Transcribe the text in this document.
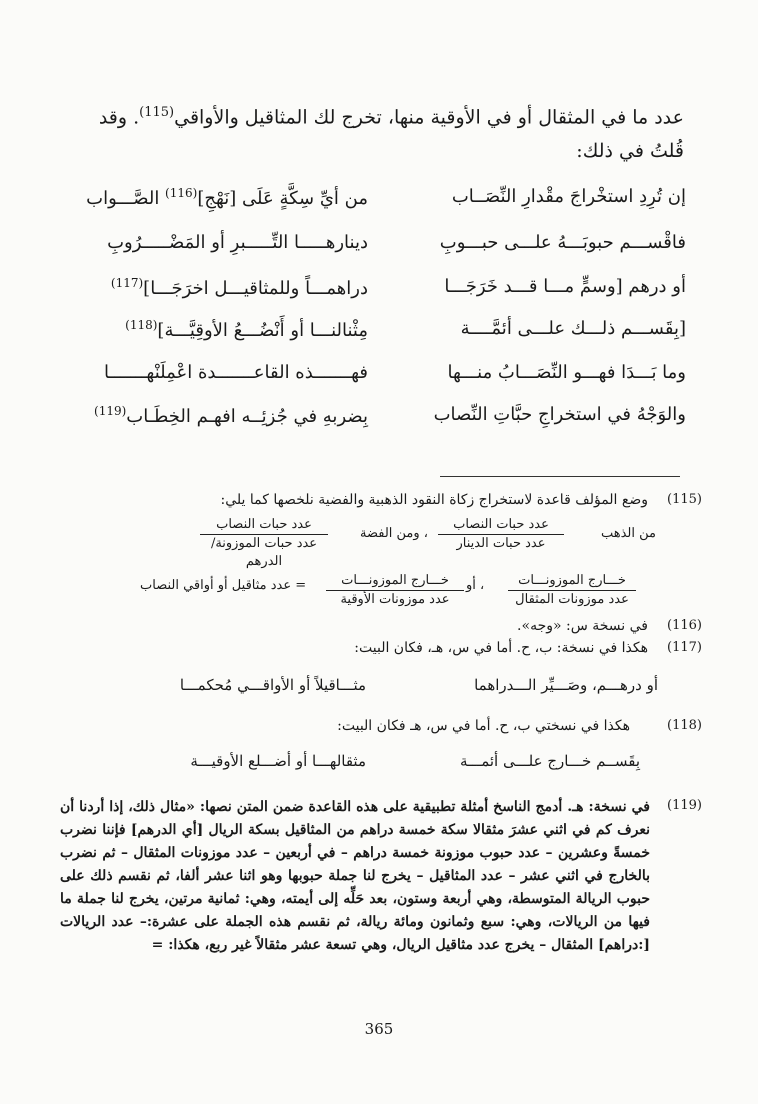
عدد ما في المثقال أو في الأوقية منها، تخرج لك المثاقيل والأواقي$^{(115)}$. وقد
قُلتُ في ذلك:
إن تُرِدِ استخْراجَ مقْدارِ النِّصَــاب
من أيِّ سِكَّةٍ عَلَى [نَهْجِ]$^{(116)}$ الصَّـــواب
فاقْســـم حبوبَـــهُ علـــى حبـــوبِ
دينارهـــــا التِّـــــبرِ أو المَضْـــــرُوبِ
أو درهم [وسمٍّ مـــا قـــد خَرَجَـــا
دراهمـــاً وللمثاقيـــل اخرَجَـــا]$^{(117)}$
[بِقَســـم ذلـــك علـــى أئمَّــــة
مِثْنالنـــا أو أَنْضُـــعُ الأوقِيَّـــة]$^{(118)}$
وما بَـــدَا فهـــو النِّصَـــابُ منـــها
فهـــــــذه القاعـــــــدة اعْمِلَنْهـــــــا
والوَجْهُ في استخراجِ حبَّاتِ النِّصاب
بِضربهِ في جُزئِــه افهـم الخِطَـاب$^{(119)}$
(115)
وضع المؤلف قاعدة لاستخراج زكاة النقود الذهبية والفضية نلخصها كما يلي:
من الذهب
عدد حبات النصاب
عدد حبات الدينار
، ومن الفضة
عدد حبات النصاب
عدد حبات الموزونة/ الدرهم
خـــارج الموزونـــات
عدد موزونات المثقال
، أو
خـــارج الموزونـــات
عدد موزونات الأوقية
= عدد مثاقيل أو أواقي النصاب
(116)
في نسخة س: «وجه».
(117)
هكذا في نسخة: ب، ح. أما في س، هـ، فكان البيت:
أو درهـــم، وصَـــيِّر الـــدراهما
مثـــاقيلاً أو الأواقـــي مُحكمـــا
(118)
هكذا في نسختي ب، ح. أما في س، هـ فكان البيت:
بِقَســم خـــارج علـــى أئمـــة
مثقالهـــا أو أضـــلع الأوقيـــة
(119)
في نسخة: هـ. أدمج الناسخ أمثلة تطبيقية على هذه القاعدة ضمن المتن نصها: «مثال ذلك، إذا أردنا أن نعرف كم في اثني عشرَ مثقالا سكة خمسة دراهم من المثاقيل بسكة الريال [أي الدرهم] فإننا نضرب خمسةً وعشرين – عدد حبوب موزونة خمسة دراهم – في أربعين – عدد موزونات المثقال – ثم نضرب بالخارج في اثني عشر – عدد المثاقيل – يخرج لنا جملة حبوبها وهو اثنا عشر ألفا، ثم نقسم ذلك على حبوب الريالة المتوسطة، وهي أربعة وستون، بعد حَلِّه إلى أيمته، وهي: ثمانية مرتين، يخرج لنا جملة ما فيها من الريالات، وهي: سبع وثمانون ومائة ريالة، ثم نقسم هذه الجملة على عشرة:– عدد الريالات [:دراهم] المثقال – يخرج عدد مثاقيل الريال، وهي تسعة عشر مثقالاً غير ربع، هكذا: =
365
